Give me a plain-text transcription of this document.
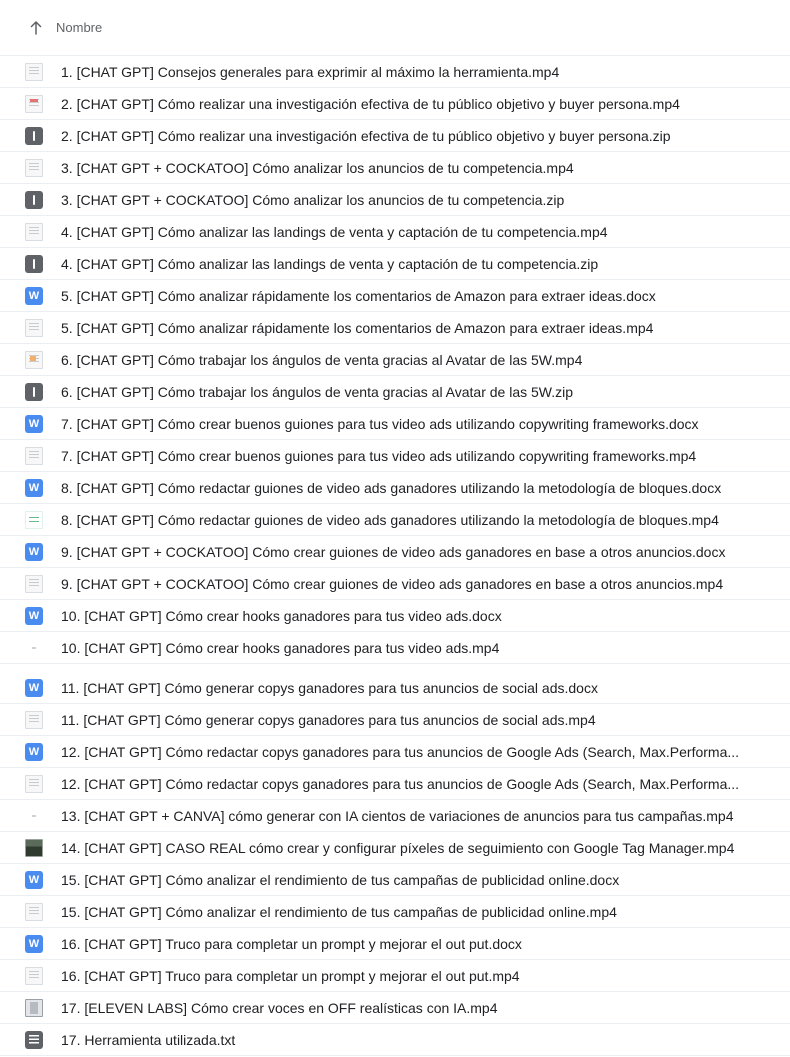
Nombre
1. [CHAT GPT] Consejos generales para exprimir al máximo la herramienta.mp4
2. [CHAT GPT] Cómo realizar una investigación efectiva de tu público objetivo y buyer persona.mp4
2. [CHAT GPT] Cómo realizar una investigación efectiva de tu público objetivo y buyer persona.zip
3. [CHAT GPT + COCKATOO] Cómo analizar los anuncios de tu competencia.mp4
3. [CHAT GPT + COCKATOO] Cómo analizar los anuncios de tu competencia.zip
4. [CHAT GPT] Cómo analizar las landings de venta y captación de tu competencia.mp4
4. [CHAT GPT] Cómo analizar las landings de venta y captación de tu competencia.zip
W 5. [CHAT GPT] Cómo analizar rápidamente los comentarios de Amazon para extraer ideas.docx
5. [CHAT GPT] Cómo analizar rápidamente los comentarios de Amazon para extraer ideas.mp4
6. [CHAT GPT] Cómo trabajar los ángulos de venta gracias al Avatar de las 5W.mp4
6. [CHAT GPT] Cómo trabajar los ángulos de venta gracias al Avatar de las 5W.zip
W 7. [CHAT GPT] Cómo crear buenos guiones para tus video ads utilizando copywriting frameworks.docx
7. [CHAT GPT] Cómo crear buenos guiones para tus video ads utilizando copywriting frameworks.mp4
W 8. [CHAT GPT] Cómo redactar guiones de video ads ganadores utilizando la metodología de bloques.docx
8. [CHAT GPT] Cómo redactar guiones de video ads ganadores utilizando la metodología de bloques.mp4
W 9. [CHAT GPT + COCKATOO] Cómo crear guiones de video ads ganadores en base a otros anuncios.docx
9. [CHAT GPT + COCKATOO] Cómo crear guiones de video ads ganadores en base a otros anuncios.mp4
W 10. [CHAT GPT] Cómo crear hooks ganadores para tus video ads.docx
10. [CHAT GPT] Cómo crear hooks ganadores para tus video ads.mp4
W 11. [CHAT GPT] Cómo generar copys ganadores para tus anuncios de social ads.docx
11. [CHAT GPT] Cómo generar copys ganadores para tus anuncios de social ads.mp4
W 12. [CHAT GPT] Cómo redactar copys ganadores para tus anuncios de Google Ads (Search, Max.Performa...
12. [CHAT GPT] Cómo redactar copys ganadores para tus anuncios de Google Ads (Search, Max.Performa...
13. [CHAT GPT + CANVA] cómo generar con IA cientos de variaciones de anuncios para tus campañas.mp4
14. [CHAT GPT] CASO REAL cómo crear y configurar píxeles de seguimiento con Google Tag Manager.mp4
W 15. [CHAT GPT] Cómo analizar el rendimiento de tus campañas de publicidad online.docx
15. [CHAT GPT] Cómo analizar el rendimiento de tus campañas de publicidad online.mp4
W 16. [CHAT GPT] Truco para completar un prompt y mejorar el out put.docx
16. [CHAT GPT] Truco para completar un prompt y mejorar el out put.mp4
17. [ELEVEN LABS] Cómo crear voces en OFF realísticas con IA.mp4
17. Herramienta utilizada.txt
